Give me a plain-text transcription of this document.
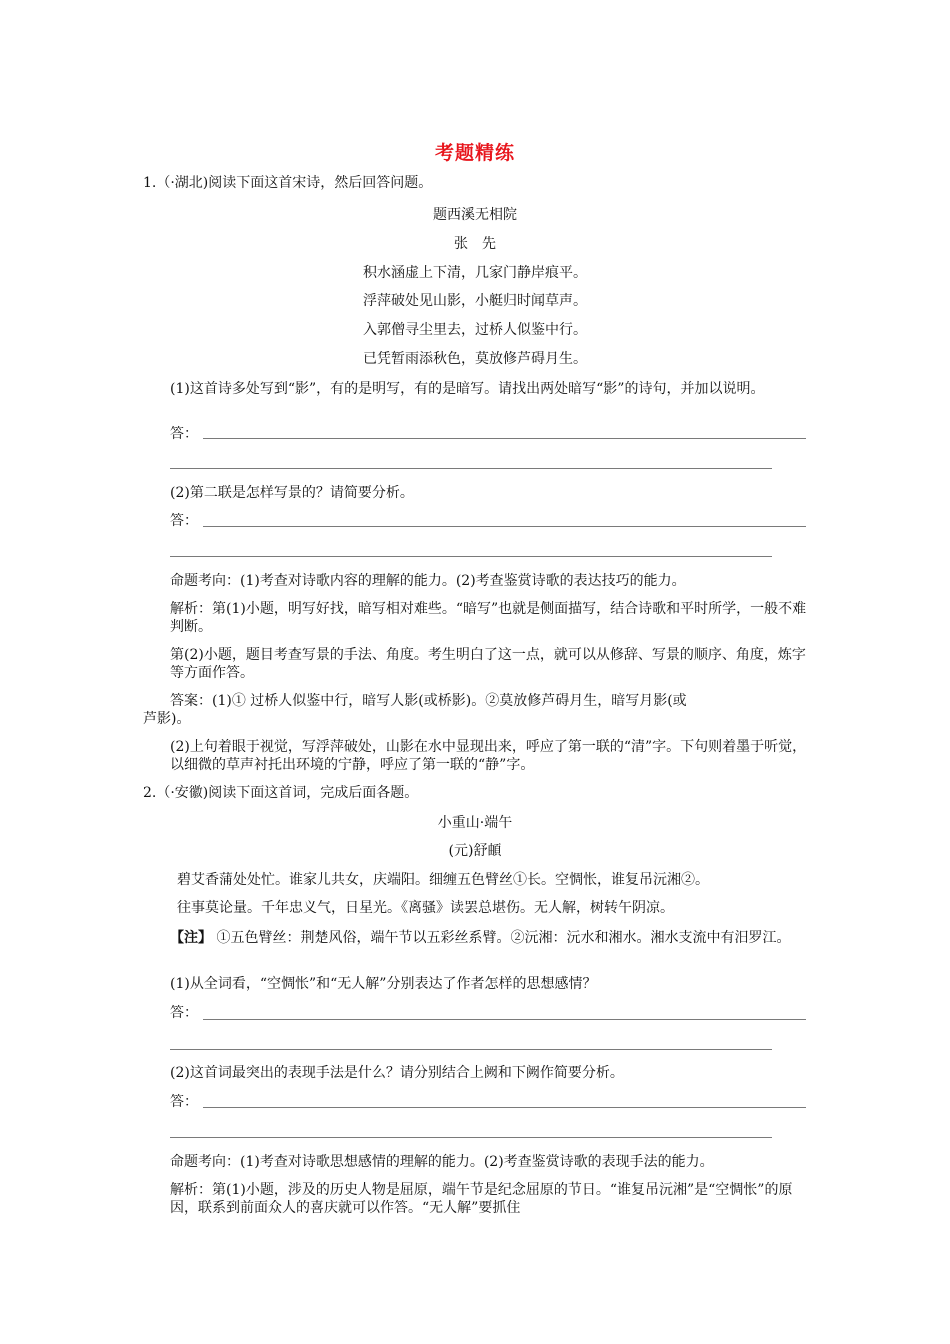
考题精练
1.（·湖北)阅读下面这首宋诗，然后回答问题。
题西溪无相院
张　先
积水涵虚上下清，几家门静岸痕平。
浮萍破处见山影，小艇归时闻草声。
入郭僧寻尘里去，过桥人似鉴中行。
已凭暂雨添秋色，莫放修芦碍月生。
(1)这首诗多处写到“影”，有的是明写，有的是暗写。请找出两处暗写“影”的诗句，并加以说明。
答：
(2)第二联是怎样写景的？请简要分析。
答：
命题考向：(1)考查对诗歌内容的理解的能力。(2)考查鉴赏诗歌的表达技巧的能力。
解析：第(1)小题，明写好找，暗写相对难些。“暗写”也就是侧面描写，结合诗歌和平时所学，一般不难判断。
第(2)小题，题目考查写景的手法、角度。考生明白了这一点，就可以从修辞、写景的顺序、角度，炼字等方面作答。
答案：(1)① 过桥人似鉴中行，暗写人影(或桥影)。②莫放修芦碍月生，暗写月影(或
芦影)。
(2)上句着眼于视觉，写浮萍破处，山影在水中显现出来，呼应了第一联的“清”字。下句则着墨于听觉，以细微的草声衬托出环境的宁静，呼应了第一联的“静”字。
2.（·安徽)阅读下面这首词，完成后面各题。
小重山·端午
(元)舒頔
碧艾香蒲处处忙。谁家儿共女，庆端阳。细缠五色臂丝①长。空惆怅，谁复吊沅湘②。
往事莫论量。千年忠义气，日星光。《离骚》读罢总堪伤。无人解，树转午阴凉。
【注】 ①五色臂丝：荆楚风俗，端午节以五彩丝系臂。②沅湘：沅水和湘水。湘水支流中有汨罗江。
(1)从全词看，“空惆怅”和“无人解”分别表达了作者怎样的思想感情？
答：
(2)这首词最突出的表现手法是什么？请分别结合上阙和下阙作简要分析。
答：
命题考向：(1)考查对诗歌思想感情的理解的能力。(2)考查鉴赏诗歌的表现手法的能力。
解析：第(1)小题，涉及的历史人物是屈原，端午节是纪念屈原的节日。“谁复吊沅湘”是“空惆怅”的原因，联系到前面众人的喜庆就可以作答。“无人解”要抓住
